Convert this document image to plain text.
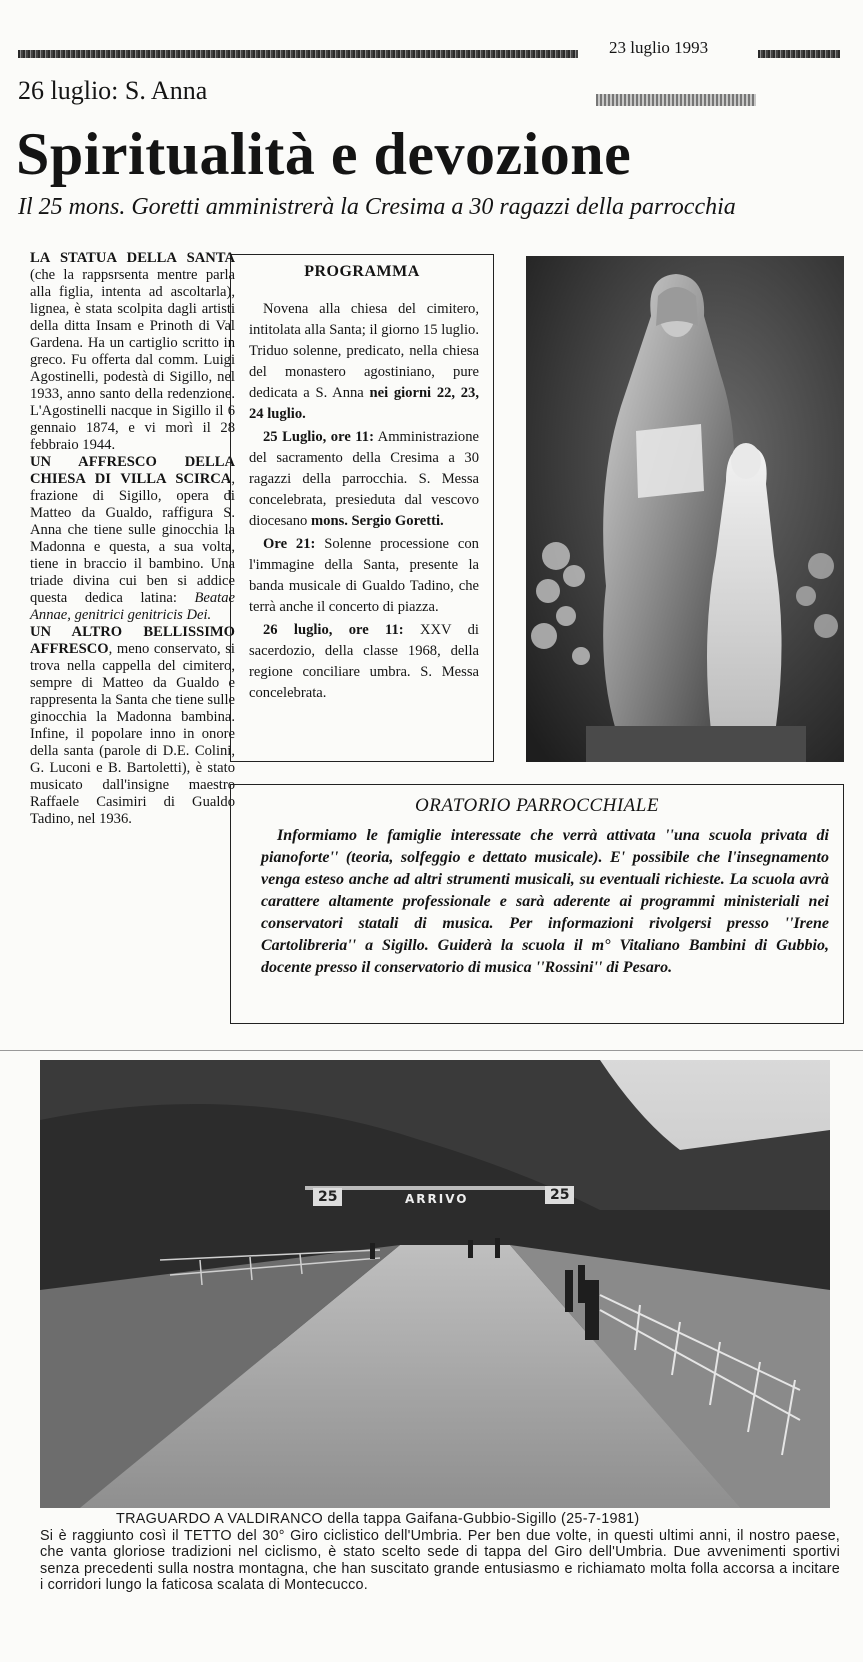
23 luglio 1993
26 luglio: S. Anna
Spiritualità e devozione
Il 25 mons. Goretti amministrerà la Cresima a 30 ragazzi della parrocchia

LA STATUA DELLA SANTA (che la rappsrsenta mentre parla alla figlia, intenta ad ascoltarla), lignea, è stata scolpita dagli artisti della ditta Insam e Prinoth di Val Gardena. Ha un cartiglio scritto in greco. Fu offerta dal comm. Luigi Agostinelli, podestà di Sigillo, nel 1933, anno santo della redenzione. L'Agostinelli nacque in Sigillo il 6 gennaio 1874, e vi morì il 28 febbraio 1944.

UN AFFRESCO DELLA CHIESA DI VILLA SCIRCA, frazione di Sigillo, opera di Matteo da Gualdo, raffigura S. Anna che tiene sulle ginocchia la Madonna e questa, a sua volta, tiene in braccio il bambino. Una triade divina cui ben si addice questa dedica latina: Beatae Annae, genitrici genitricis Dei.

UN ALTRO BELLISSIMO AFFRESCO, meno conservato, si trova nella cappella del cimitero, sempre di Matteo da Gualdo e rappresenta la Santa che tiene sulle ginocchia la Madonna bambina. Infine, il popolare inno in onore della santa (parole di D.E. Colini, G. Luconi e B. Bartoletti), è stato musicato dall'insigne maestro Raffaele Casimiri di Gualdo Tadino, nel 1936.

PROGRAMMA

Novena alla chiesa del cimitero, intitolata alla Santa; il giorno 15 luglio. Triduo solenne, predicato, nella chiesa del monastero agostiniano, pure dedicata a S. Anna nei giorni 22, 23, 24 luglio.

25 Luglio, ore 11: Amministrazione del sacramento della Cresima a 30 ragazzi della parrocchia. S. Messa concelebrata, presieduta dal vescovo diocesano mons. Sergio Goretti.

Ore 21: Solenne processione con l'immagine della Santa, presente la banda musicale di Gualdo Tadino, che terrà anche il concerto di piazza.

26 luglio, ore 11: XXV di sacerdozio, della classe 1968, della regione conciliare umbra. S. Messa concelebrata.

ORATORIO PARROCCHIALE
Informiamo le famiglie interessate che verrà attivata ''una scuola privata di pianoforte'' (teoria, solfeggio e dettato musicale). E' possibile che l'insegnamento venga esteso anche ad altri strumenti musicali, su eventuali richieste. La scuola avrà carattere altamente professionale e sarà aderente ai programmi ministeriali nei conservatori statali di musica. Per informazioni rivolgersi presso ''Irene Cartolibreria'' a Sigillo. Guiderà la scuola il m° Vitaliano Bambini di Gubbio, docente presso il conservatorio di musica ''Rossini'' di Pesaro.
25	ARRIVO	25
TRAGUARDO A VALDIRANCO della tappa Gaifana-Gubbio-Sigillo (25-7-1981)
Si è raggiunto così il TETTO del 30° Giro ciclistico dell'Umbria. Per ben due volte, in questi ultimi anni, il nostro paese, che vanta gloriose tradizioni nel ciclismo, è stato scelto sede di tappa del Giro dell'Umbria. Due avvenimenti sportivi senza precedenti sulla nostra montagna, che han suscitato grande entusiasmo e richiamato molta folla accorsa a incitare i corridori lungo la faticosa scalata di Montecucco.
